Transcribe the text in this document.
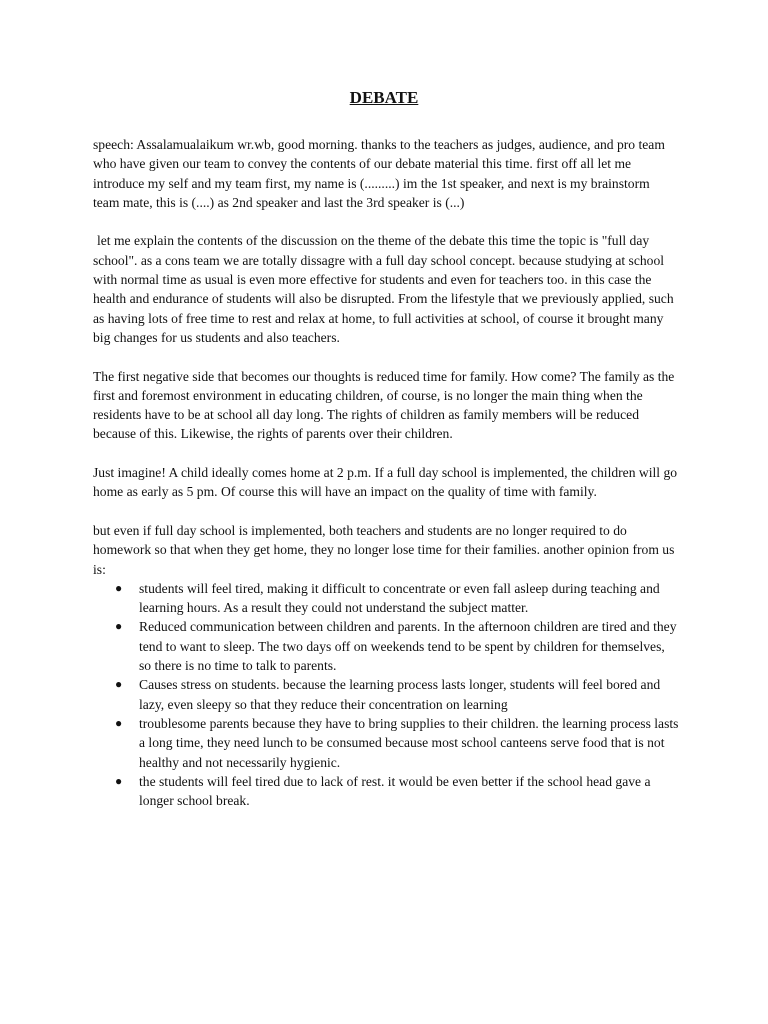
DEBATE

speech: Assalamualaikum wr.wb, good morning. thanks to the teachers as judges, audience, and pro team who have given our team to convey the contents of our debate material this time. first off all let me introduce my self and my team first, my name is (.........) im the 1st speaker, and next is my brainstorm team mate, this is (....) as 2nd speaker and last the 3rd speaker is (...)

let me explain the contents of the discussion on the theme of the debate this time the topic is "full day school". as a cons team we are totally dissagre with a full day school concept. because studying at school with normal time as usual is even more effective for students and even for teachers too. in this case the health and endurance of students will also be disrupted. From the lifestyle that we previously applied, such as having lots of free time to rest and relax at home, to full activities at school, of course it brought many big changes for us students and also teachers.

The first negative side that becomes our thoughts is reduced time for family. How come? The family as the first and foremost environment in educating children, of course, is no longer the main thing when the residents have to be at school all day long. The rights of children as family members will be reduced because of this. Likewise, the rights of parents over their children.

Just imagine! A child ideally comes home at 2 p.m. If a full day school is implemented, the children will go home as early as 5 pm. Of course this will have an impact on the quality of time with family.

but even if full day school is implemented, both teachers and students are no longer required to do homework so that when they get home, they no longer lose time for their families. another opinion from us is:

● students will feel tired, making it difficult to concentrate or even fall asleep during teaching and learning hours. As a result they could not understand the subject matter.
● Reduced communication between children and parents. In the afternoon children are tired and they tend to want to sleep. The two days off on weekends tend to be spent by children for themselves, so there is no time to talk to parents.
● Causes stress on students. because the learning process lasts longer, students will feel bored and lazy, even sleepy so that they reduce their concentration on learning
● troublesome parents because they have to bring supplies to their children. the learning process lasts a long time, they need lunch to be consumed because most school canteens serve food that is not healthy and not necessarily hygienic.
● the students will feel tired due to lack of rest. it would be even better if the school head gave a longer school break.
